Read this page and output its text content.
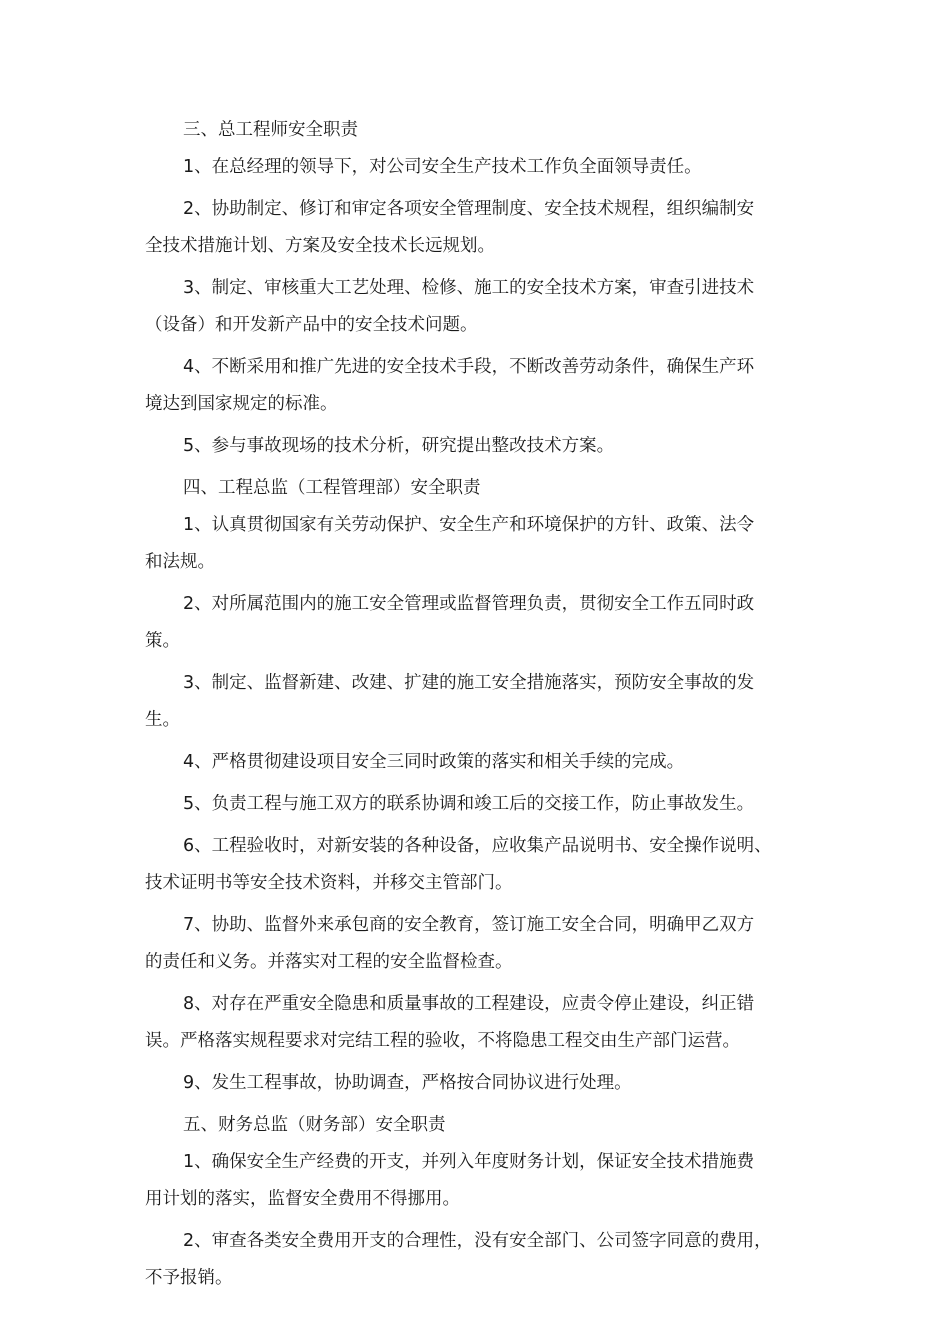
三、总工程师安全职责
1、在总经理的领导下，对公司安全生产技术工作负全面领导责任。
2、协助制定、修订和审定各项安全管理制度、安全技术规程，组织编制安
全技术措施计划、方案及安全技术长远规划。
3、制定、审核重大工艺处理、检修、施工的安全技术方案，审查引进技术
（设备）和开发新产品中的安全技术问题。
4、不断采用和推广先进的安全技术手段，不断改善劳动条件，确保生产环
境达到国家规定的标准。
5、参与事故现场的技术分析，研究提出整改技术方案。
四、工程总监（工程管理部）安全职责
1、认真贯彻国家有关劳动保护、安全生产和环境保护的方针、政策、法令
和法规。
2、对所属范围内的施工安全管理或监督管理负责，贯彻安全工作五同时政
策。
3、制定、监督新建、改建、扩建的施工安全措施落实，预防安全事故的发
生。
4、严格贯彻建设项目安全三同时政策的落实和相关手续的完成。
5、负责工程与施工双方的联系协调和竣工后的交接工作，防止事故发生。
6、工程验收时，对新安装的各种设备，应收集产品说明书、安全操作说明、
技术证明书等安全技术资料，并移交主管部门。
7、协助、监督外来承包商的安全教育，签订施工安全合同，明确甲乙双方
的责任和义务。并落实对工程的安全监督检查。
8、对存在严重安全隐患和质量事故的工程建设，应责令停止建设，纠正错
误。严格落实规程要求对完结工程的验收，不将隐患工程交由生产部门运营。
9、发生工程事故，协助调查，严格按合同协议进行处理。
五、财务总监（财务部）安全职责
1、确保安全生产经费的开支，并列入年度财务计划，保证安全技术措施费
用计划的落实，监督安全费用不得挪用。
2、审查各类安全费用开支的合理性，没有安全部门、公司签字同意的费用，
不予报销。
